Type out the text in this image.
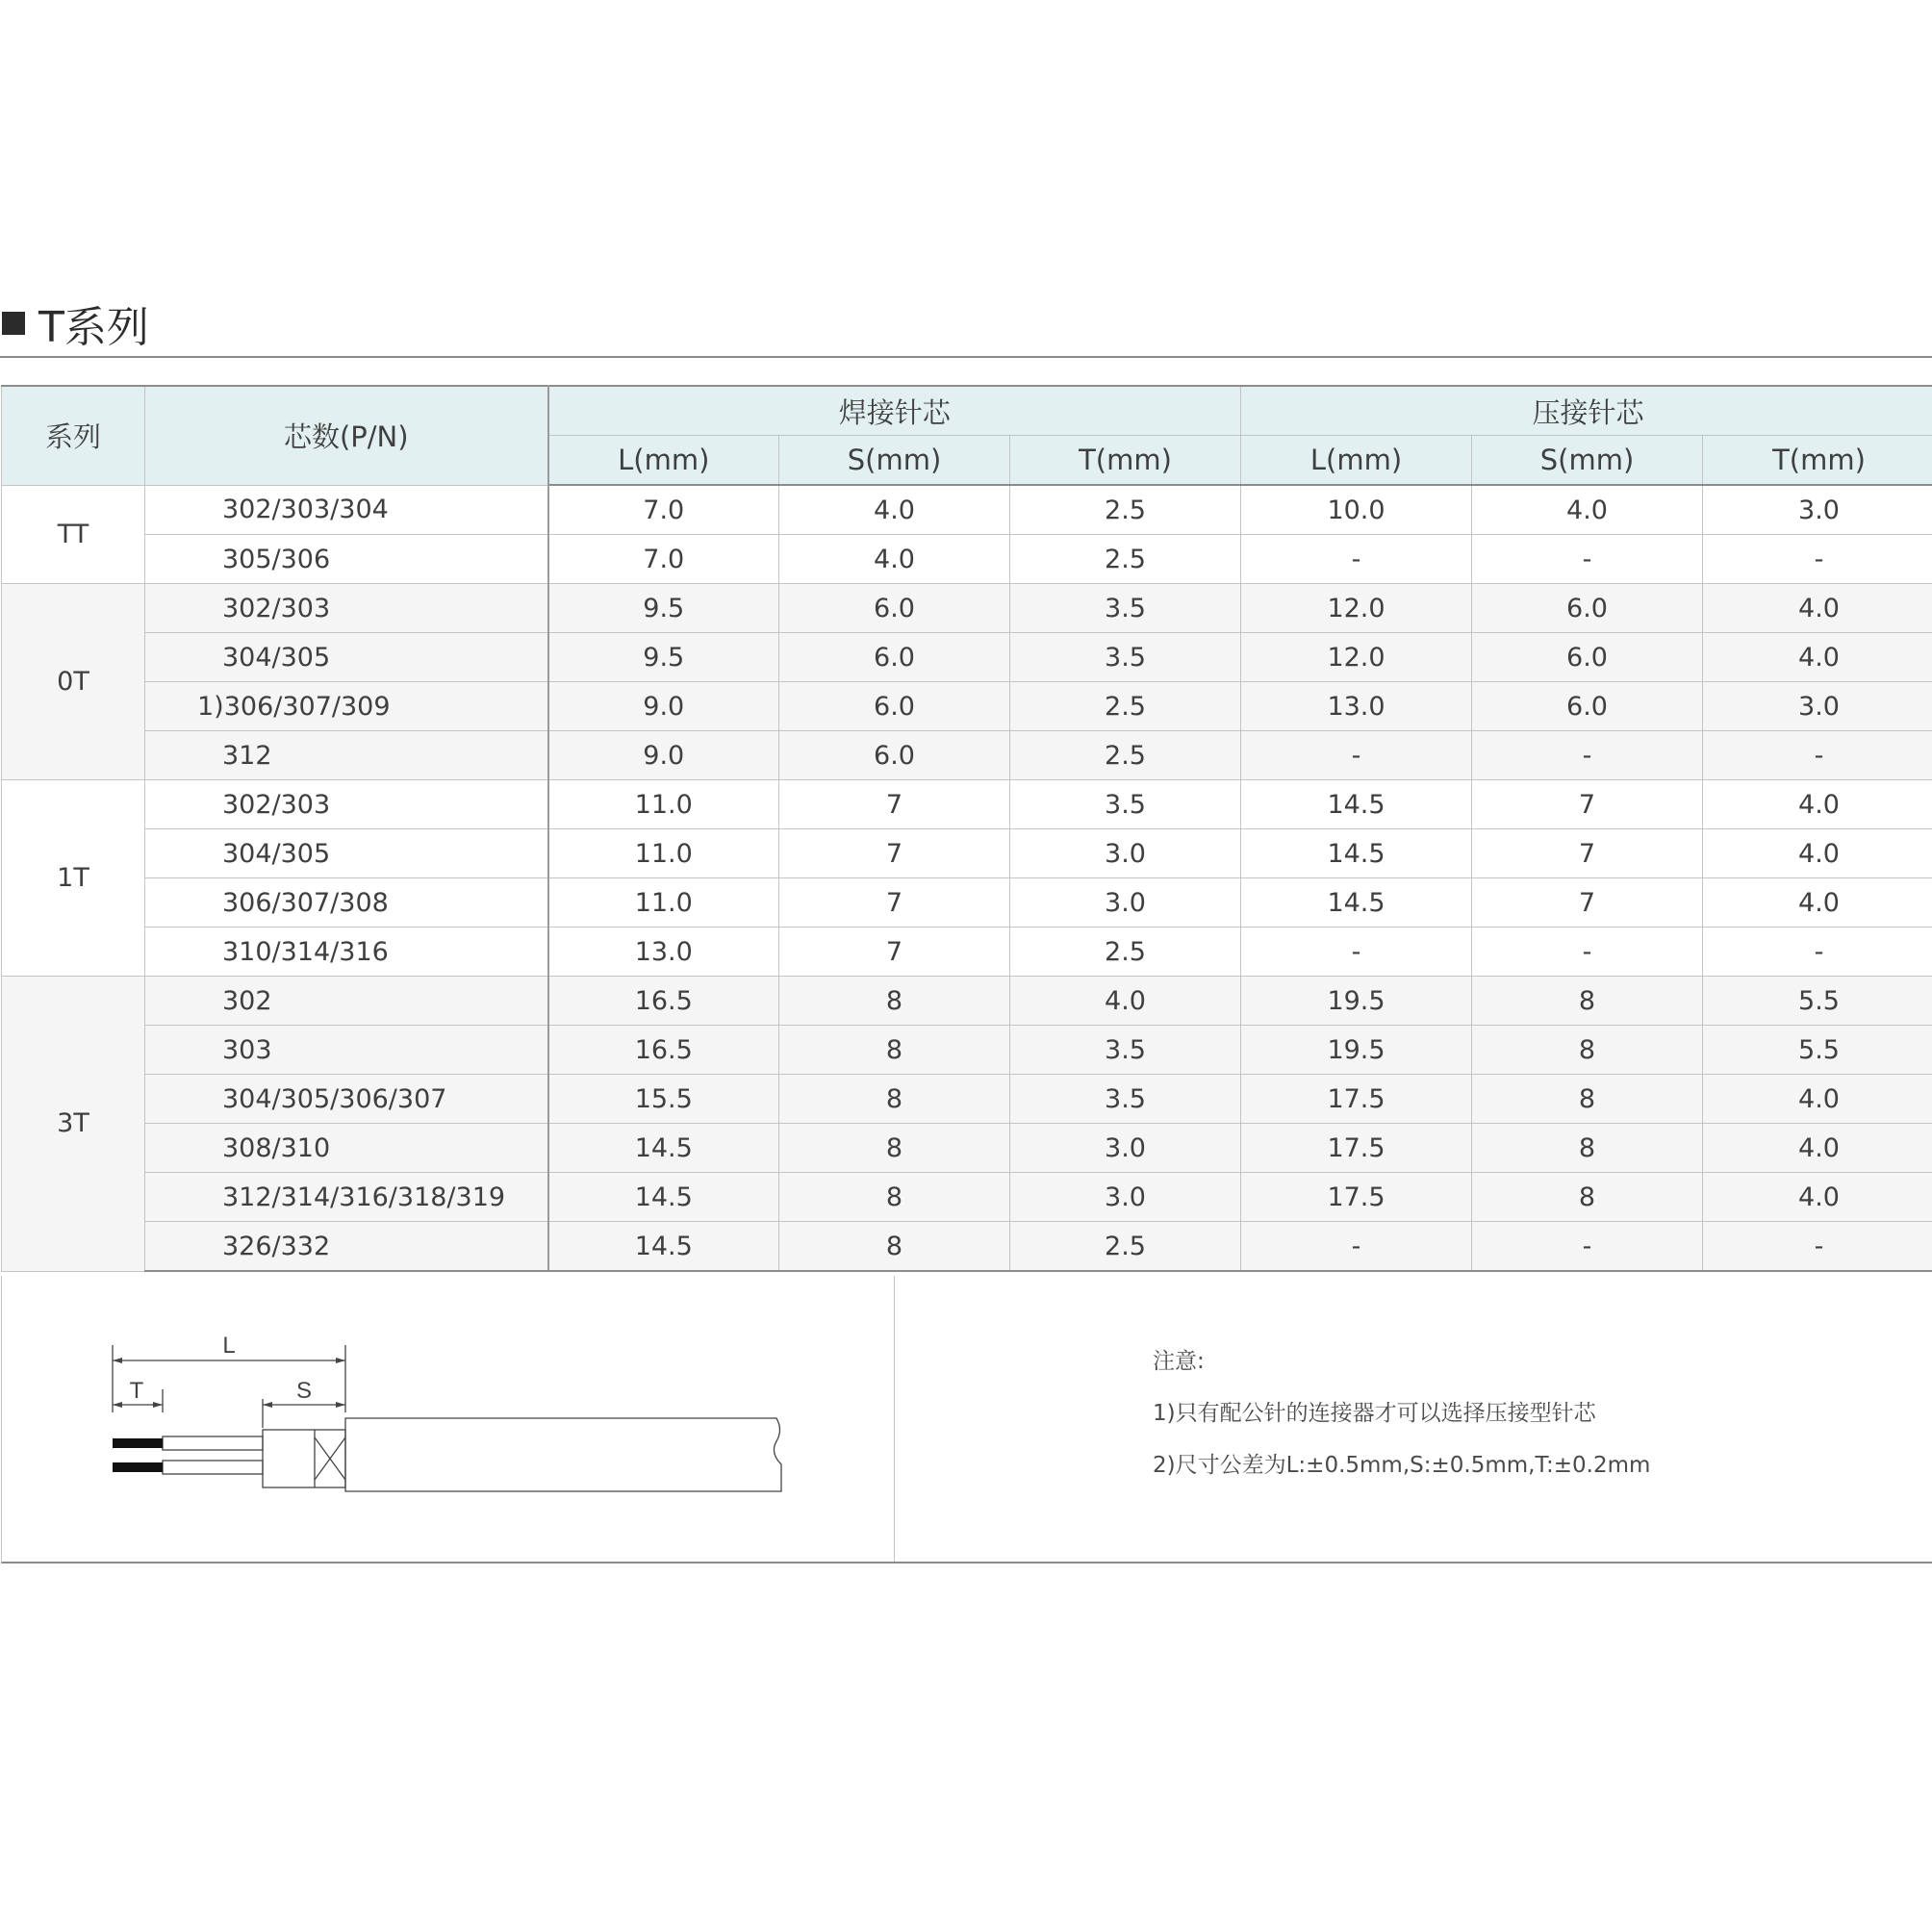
T系列
系列	芯数(P/N)	焊接针芯			压接针芯		
		L(mm)	S(mm)	T(mm)	L(mm)	S(mm)	T(mm)
TT	302/303/304	7.0	4.0	2.5	10.0	4.0	3.0
	305/306	7.0	4.0	2.5	-	-	-
0T	302/303	9.5	6.0	3.5	12.0	6.0	4.0
	304/305	9.5	6.0	3.5	12.0	6.0	4.0
	1)306/307/309	9.0	6.0	2.5	13.0	6.0	3.0
	312	9.0	6.0	2.5	-	-	-
1T	302/303	11.0	7	3.5	14.5	7	4.0
	304/305	11.0	7	3.0	14.5	7	4.0
	306/307/308	11.0	7	3.0	14.5	7	4.0
	310/314/316	13.0	7	2.5	-	-	-
3T	302	16.5	8	4.0	19.5	8	5.5
	303	16.5	8	3.5	19.5	8	5.5
	304/305/306/307	15.5	8	3.5	17.5	8	4.0
	308/310	14.5	8	3.0	17.5	8	4.0
	312/314/316/318/319	14.5	8	3.0	17.5	8	4.0
	326/332	14.5	8	2.5	-	-	-
L
T	S
注意:
1)只有配公针的连接器才可以选择压接型针芯
2)尺寸公差为L:±0.5mm,S:±0.5mm,T:±0.2mm
